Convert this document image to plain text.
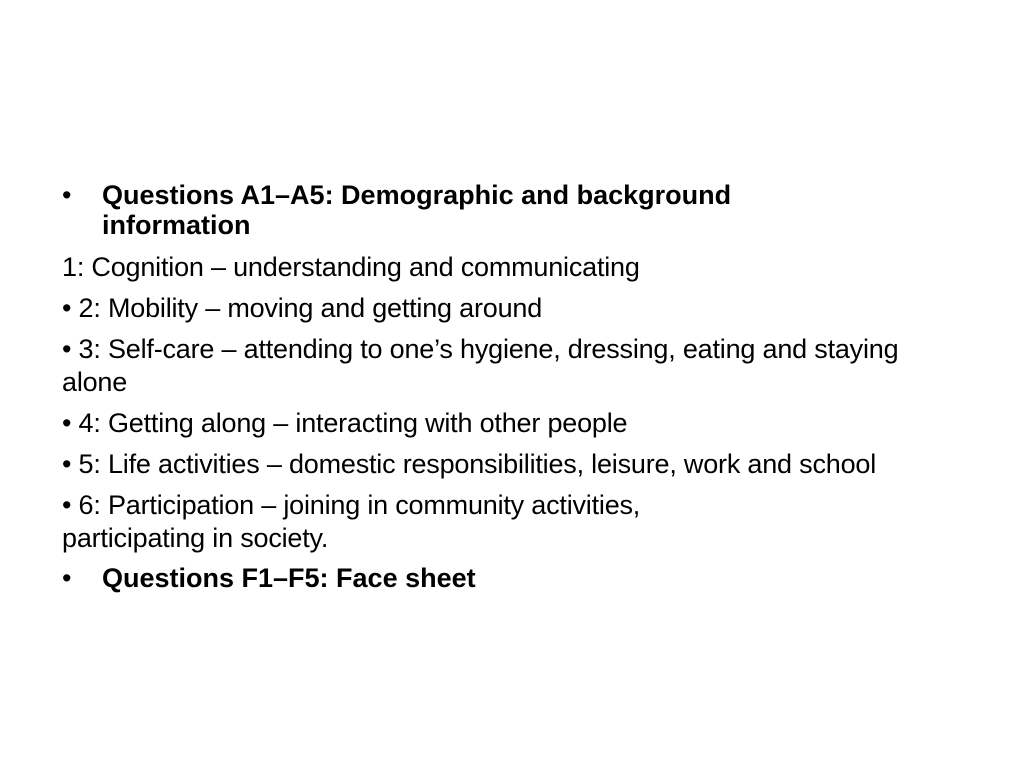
•	Questions A1–A5: Demographic and background information
1: Cognition – understanding and communicating
• 2: Mobility – moving and getting around
• 3: Self-care – attending to one’s hygiene, dressing, eating and staying alone
• 4: Getting along – interacting with other people
• 5: Life activities – domestic responsibilities, leisure, work and school
• 6: Participation – joining in community activities, participating in society.
•	Questions F1–F5: Face sheet
